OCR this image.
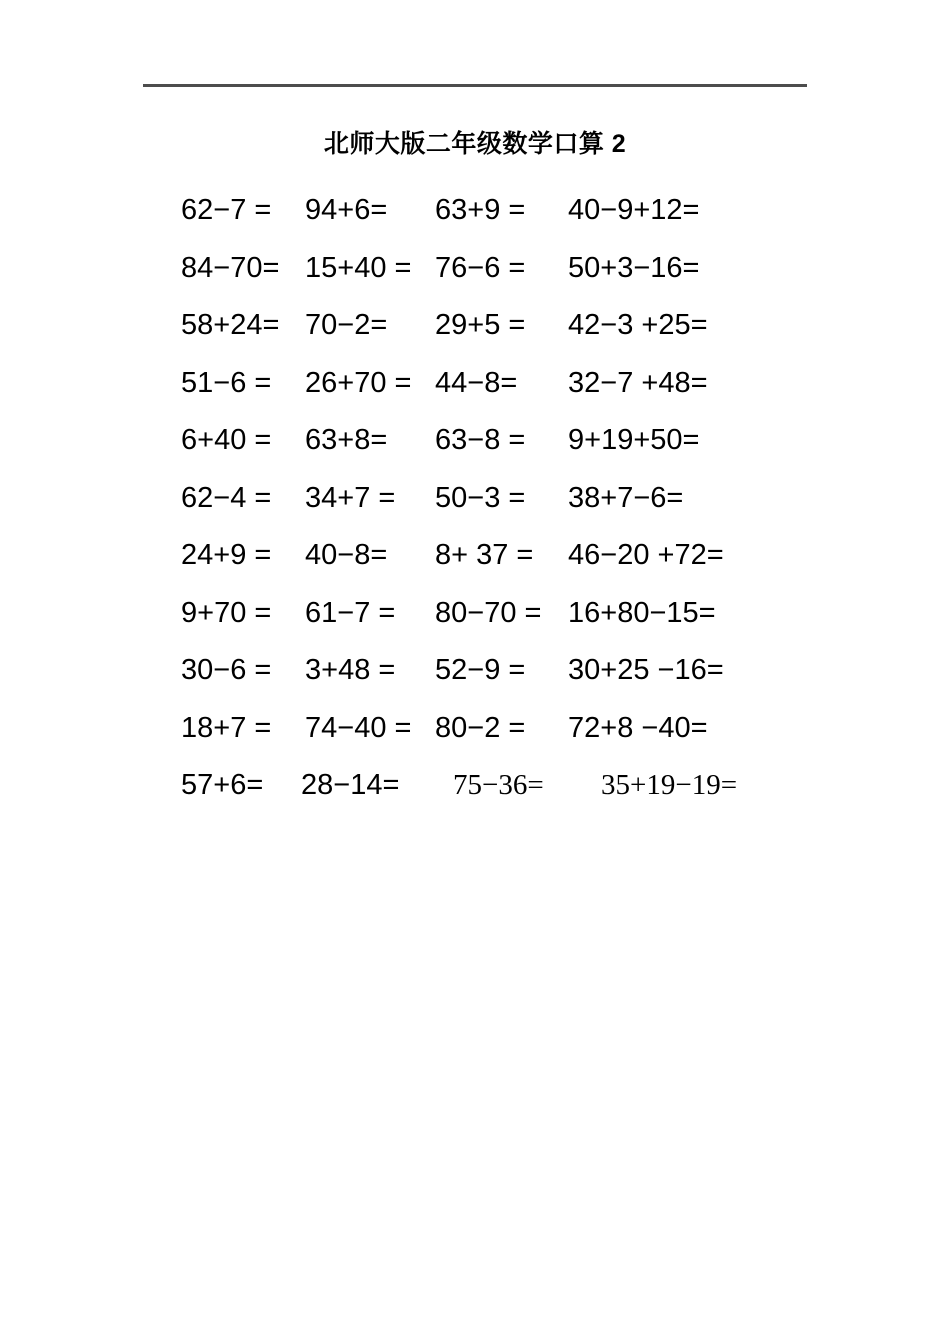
北师大版二年级数学口算 2
62−7 =	94+6=	63+9 =	40−9+12=
84−70= 15+40 = 76−6 =	50+3−16=
58+24= 70−2=	29+5 =	42−3 +25=
51−6 =	26+70 = 44−8=	32−7 +48=
6+40 =	63+8=	63−8 =	9+19+50=
62−4 =	34+7 =	50−3 =	38+7−6=
24+9 =	40−8=	8+ 37 =	46−20 +72=
9+70 =	61−7 =	80−70 = 16+80−15=
30−6 =	3+48 =	52−9 =	30+25 −16=
18+7 =	74−40 = 80−2 =	72+8 −40=
57+6=	28−14=	75−36=	35+19−19=
